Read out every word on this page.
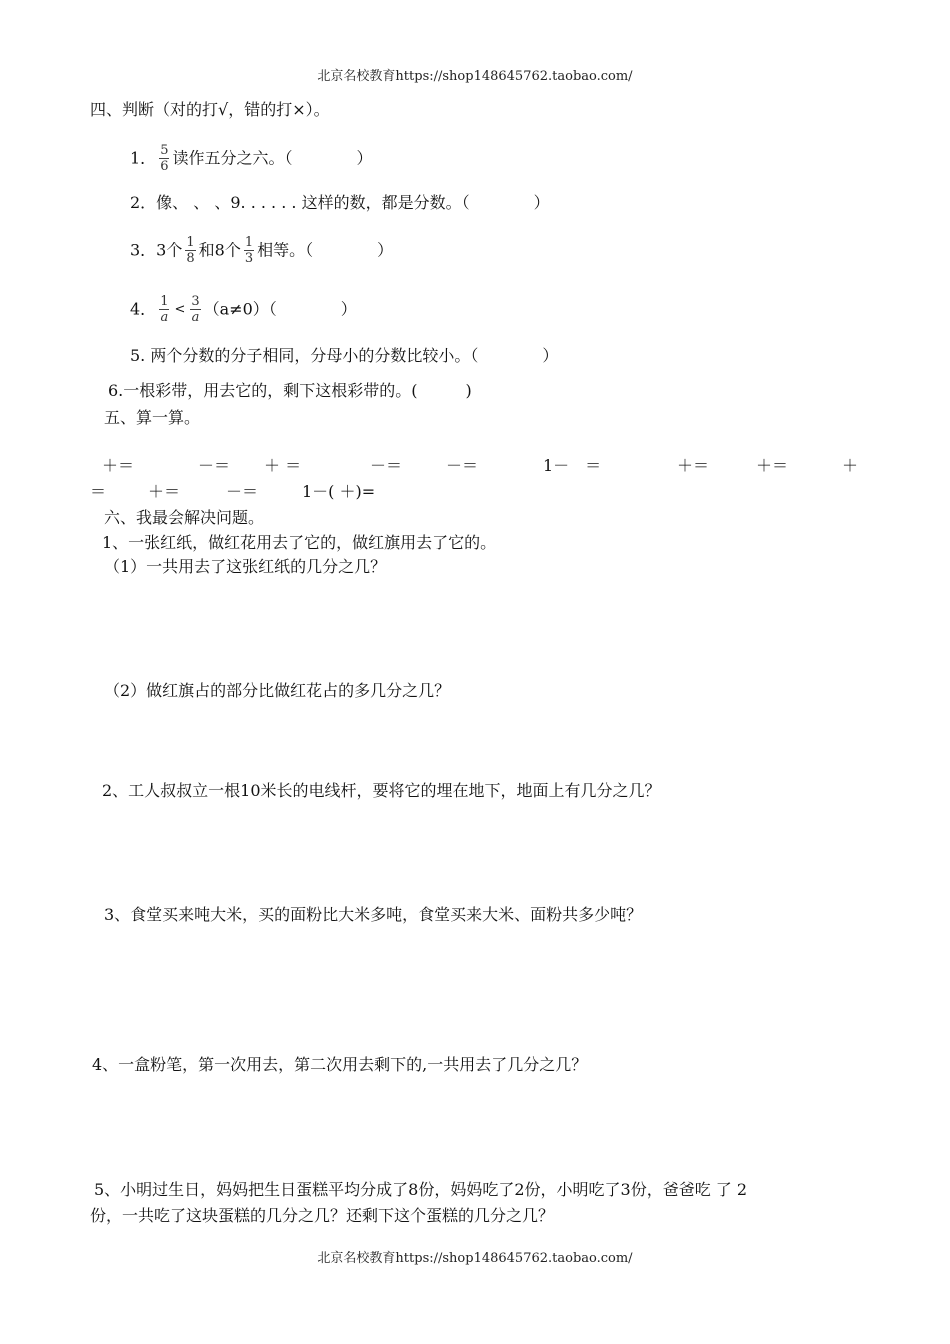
北京名校教育https://shop148645762.taobao.com/
四、判断（对的打√，错的打×）。
1． $\frac{5}{6}$ 读作五分之六。（　　　　）
2．像、 、 、9. . . . . . 这样的数，都是分数。（　　　　）
3．3个 $\frac{1}{8}$ 和8个 $\frac{1}{3}$ 相等。（　　　　）
4． $\frac{1}{a} < \frac{3}{a} (a\ne 0)$（　　　　）
5. 两个分数的分子相同，分母小的分数比较小。（　　　　）
6.一根彩带，用去它的，剩下这根彩带的。(　　　)
五、算一算。
＋＝	－＝ ＋ ＝	－＝	－＝	1－　＝	＋＝	＋＝	＋
＝	＋＝	－＝	1－( ＋)=
六、我最会解决问题。
1、一张红纸，做红花用去了它的，做红旗用去了它的。
（1）一共用去了这张红纸的几分之几？
（2）做红旗占的部分比做红花占的多几分之几？
2、工人叔叔立一根10米长的电线杆，要将它的埋在地下，地面上有几分之几？
3、食堂买来吨大米，买的面粉比大米多吨，食堂买来大米、面粉共多少吨？
4、一盒粉笔，第一次用去，第二次用去剩下的,一共用去了几分之几？
5、小明过生日，妈妈把生日蛋糕平均分成了8份，妈妈吃了2份，小明吃了3份，爸爸吃 了 2
份，一共吃了这块蛋糕的几分之几？还剩下这个蛋糕的几分之几？
北京名校教育https://shop148645762.taobao.com/
